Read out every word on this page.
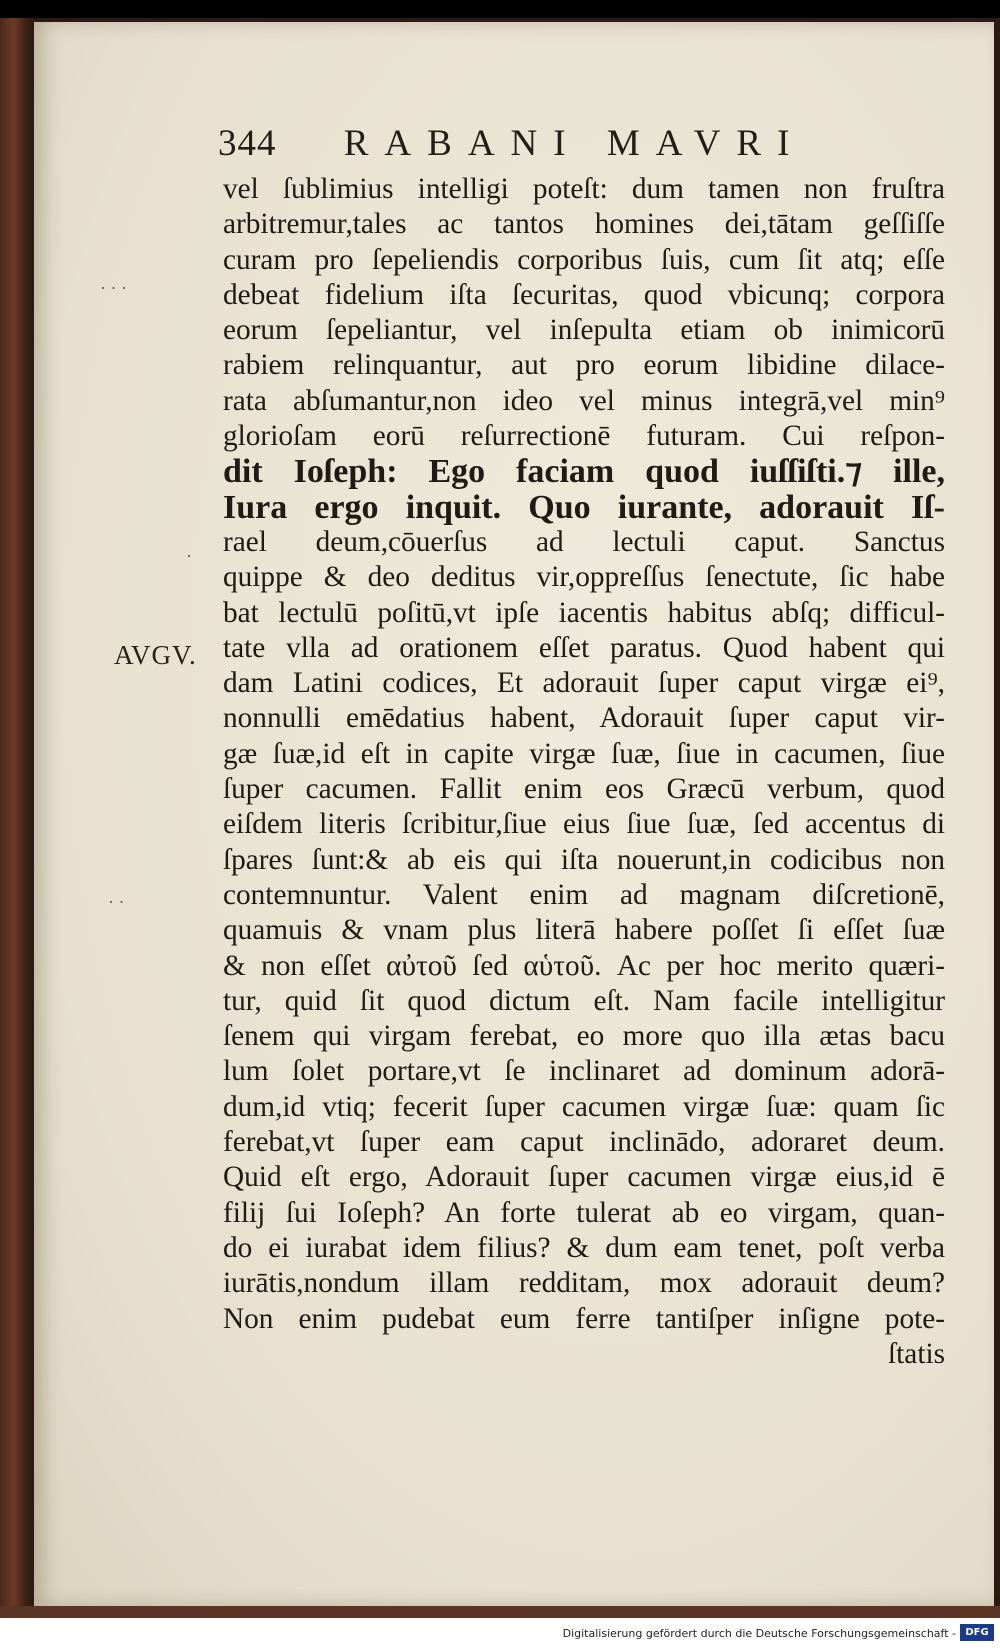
344 RABANI MAVRI
AVGV.
· · ·
· ·
·
vel ſublimius intelligi poteſt: dum tamen non fruſtra
arbitremur,tales ac tantos homines dei,tātam geſſiſſe
curam pro ſepeliendis corporibus ſuis, cum ſit atq; eſſe
debeat fidelium iſta ſecuritas, quod vbicunq; corpora
eorum ſepeliantur, vel inſepulta etiam ob inimicorū
rabiem relinquantur, aut pro eorum libidine dilace-
rata abſumantur,non ideo vel minus integrā,vel min⁹
glorioſam eorū reſurrectionē futuram. Cui reſpon-
dit Ioſeph: Ego faciam quod iuſſiſti.⁊ ille,
Iura ergo inquit. Quo iurante, adorauit Iſ-
rael deum,cōuerſus ad lectuli caput. Sanctus
quippe & deo deditus vir,oppreſſus ſenectute, ſic habe
bat lectulū poſitū,vt ipſe iacentis habitus abſq; difficul-
tate vlla ad orationem eſſet paratus. Quod habent qui
dam Latini codices, Et adorauit ſuper caput virgæ ei⁹,
nonnulli emēdatius habent, Adorauit ſuper caput vir-
gæ ſuæ,id eſt in capite virgæ ſuæ, ſiue in cacumen, ſiue
ſuper cacumen. Fallit enim eos Græcū verbum, quod
eiſdem literis ſcribitur,ſiue eius ſiue ſuæ, ſed accentus di
ſpares ſunt:& ab eis qui iſta nouerunt,in codicibus non
contemnuntur. Valent enim ad magnam diſcretionē,
quamuis & vnam plus literā habere poſſet ſi eſſet ſuæ
& non eſſet αὐτοῦ ſed αὑτοῦ. Ac per hoc merito quæri-
tur, quid ſit quod dictum eſt. Nam facile intelligitur
ſenem qui virgam ferebat, eo more quo illa ætas bacu
lum ſolet portare,vt ſe inclinaret ad dominum adorā-
dum,id vtiq; fecerit ſuper cacumen virgæ ſuæ: quam ſic
ferebat,vt ſuper eam caput inclinādo, adoraret deum.
Quid eſt ergo, Adorauit ſuper cacumen virgæ eius,id ē
filij ſui Ioſeph? An forte tulerat ab eo virgam, quan-
do ei iurabat idem filius? & dum eam tenet, poſt verba
iurātis,nondum illam redditam, mox adorauit deum?
Non enim pudebat eum ferre tantiſper inſigne pote-
ſtatis
Digitalisierung gefördert durch die Deutsche Forschungsgemeinschaft - DFG
